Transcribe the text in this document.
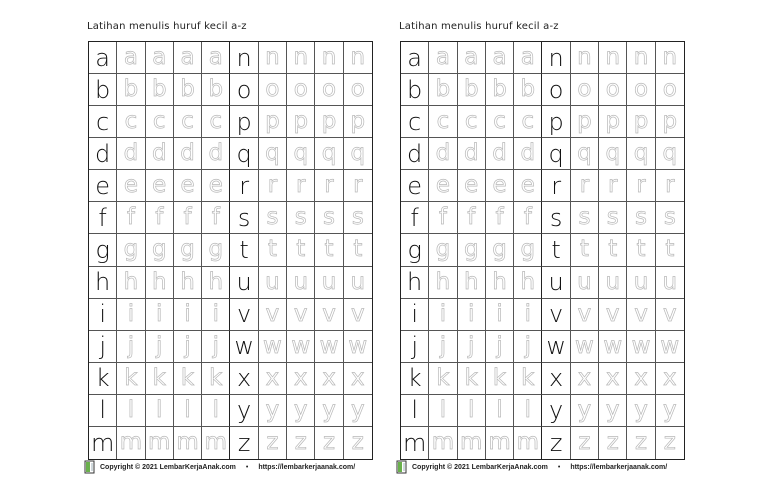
Latihan menulis huruf kecil a-z
a a a a a n n n n n
b b b b b o o o o o
c c c c c p p p p p
d d d d d q q q q q
e e e e e r r r r r
f f f f f s s s s s
g g g g g t t t t t
h h h h h u u u u u
i i i i i v v v v v
j j j j j w w w w w
k k k k k x x x x x
l l l l l y y y y y
m m m m m z z z z z
Copyright © 2021 LembarKerjaAnak.com • https://lembarkerjaanak.com/
Latihan menulis huruf kecil a-z
a a a a a n n n n n
b b b b b o o o o o
c c c c c p p p p p
d d d d d q q q q q
e e e e e r r r r r
f f f f f s s s s s
g g g g g t t t t t
h h h h h u u u u u
i i i i i v v v v v
j j j j j w w w w w
k k k k k x x x x x
l l l l l y y y y y
m m m m m z z z z z
Copyright © 2021 LembarKerjaAnak.com • https://lembarkerjaanak.com/
